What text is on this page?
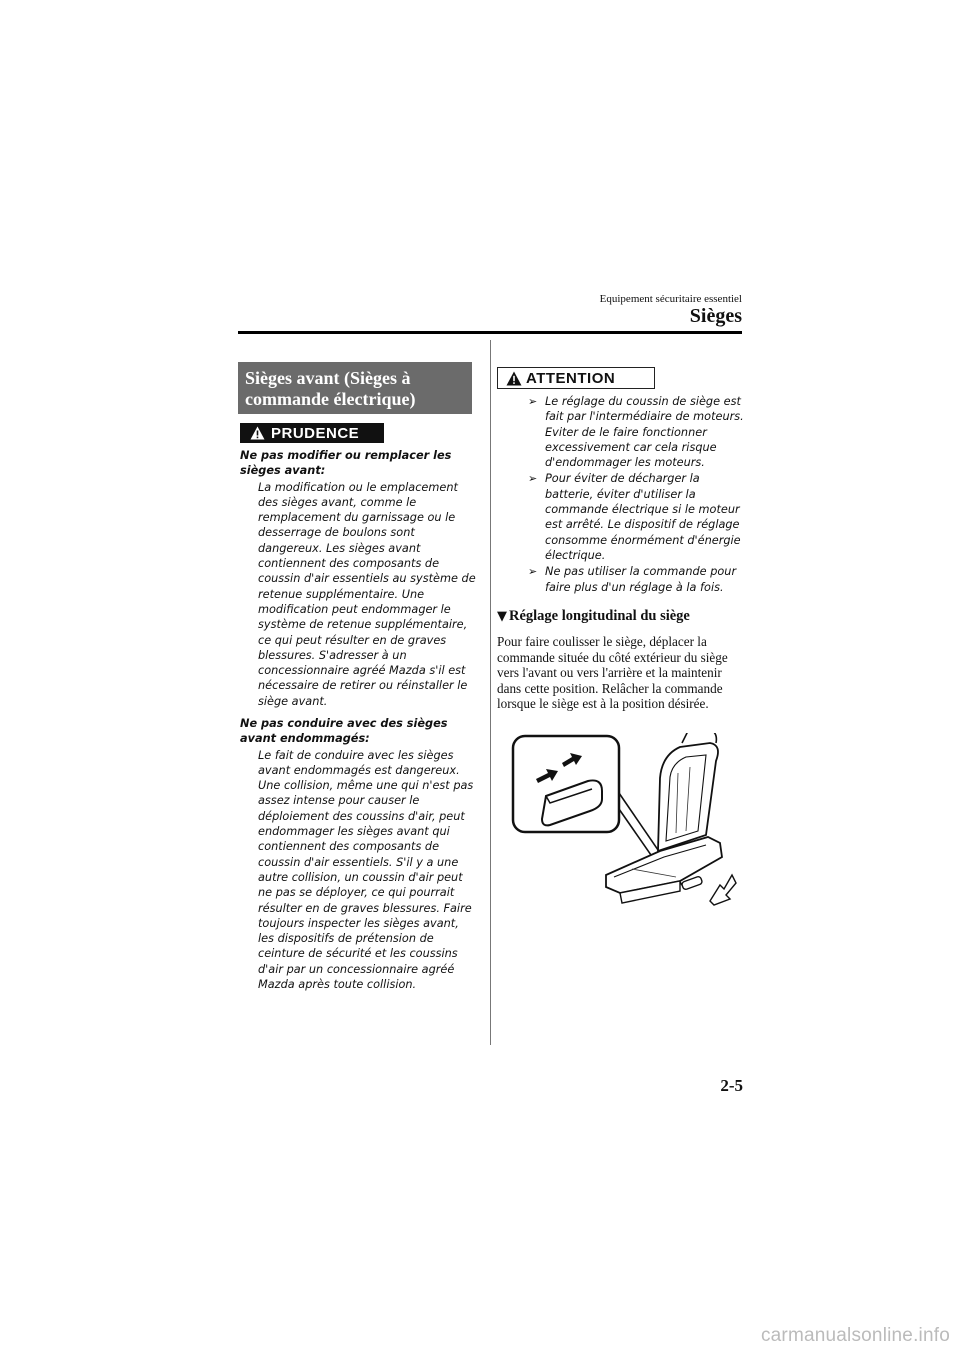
Equipement sécuritaire essentiel
Sièges
Sièges avant (Sièges à commande électrique)
PRUDENCE
Ne pas modifier ou remplacer les sièges avant:
La modification ou le emplacement des sièges avant, comme le remplacement du garnissage ou le desserrage de boulons sont dangereux. Les sièges avant contiennent des composants de coussin d'air essentiels au système de retenue supplémentaire. Une modification peut endommager le système de retenue supplémentaire, ce qui peut résulter en de graves blessures. S'adresser à un concessionnaire agréé Mazda s'il est nécessaire de retirer ou réinstaller le siège avant.
Ne pas conduire avec des sièges avant endommagés:
Le fait de conduire avec les sièges avant endommagés est dangereux. Une collision, même une qui n'est pas assez intense pour causer le déploiement des coussins d'air, peut endommager les sièges avant qui contiennent des composants de coussin d'air essentiels. S'il y a une autre collision, un coussin d'air peut ne pas se déployer, ce qui pourrait résulter en de graves blessures. Faire toujours inspecter les sièges avant, les dispositifs de prétension de ceinture de sécurité et les coussins d'air par un concessionnaire agréé Mazda après toute collision.
ATTENTION
➢ Le réglage du coussin de siège est fait par l'intermédiaire de moteurs. Eviter de le faire fonctionner excessivement car cela risque d'endommager les moteurs.
➢ Pour éviter de décharger la batterie, éviter d'utiliser la commande électrique si le moteur est arrêté. Le dispositif de réglage consomme énormément d'énergie électrique.
➢ Ne pas utiliser la commande pour faire plus d'un réglage à la fois.
▼ Réglage longitudinal du siège
Pour faire coulisser le siège, déplacer la commande située du côté extérieur du siège vers l'avant ou vers l'arrière et la maintenir dans cette position. Relâcher la commande lorsque le siège est à la position désirée.
2-5
carmanualsonline.info
